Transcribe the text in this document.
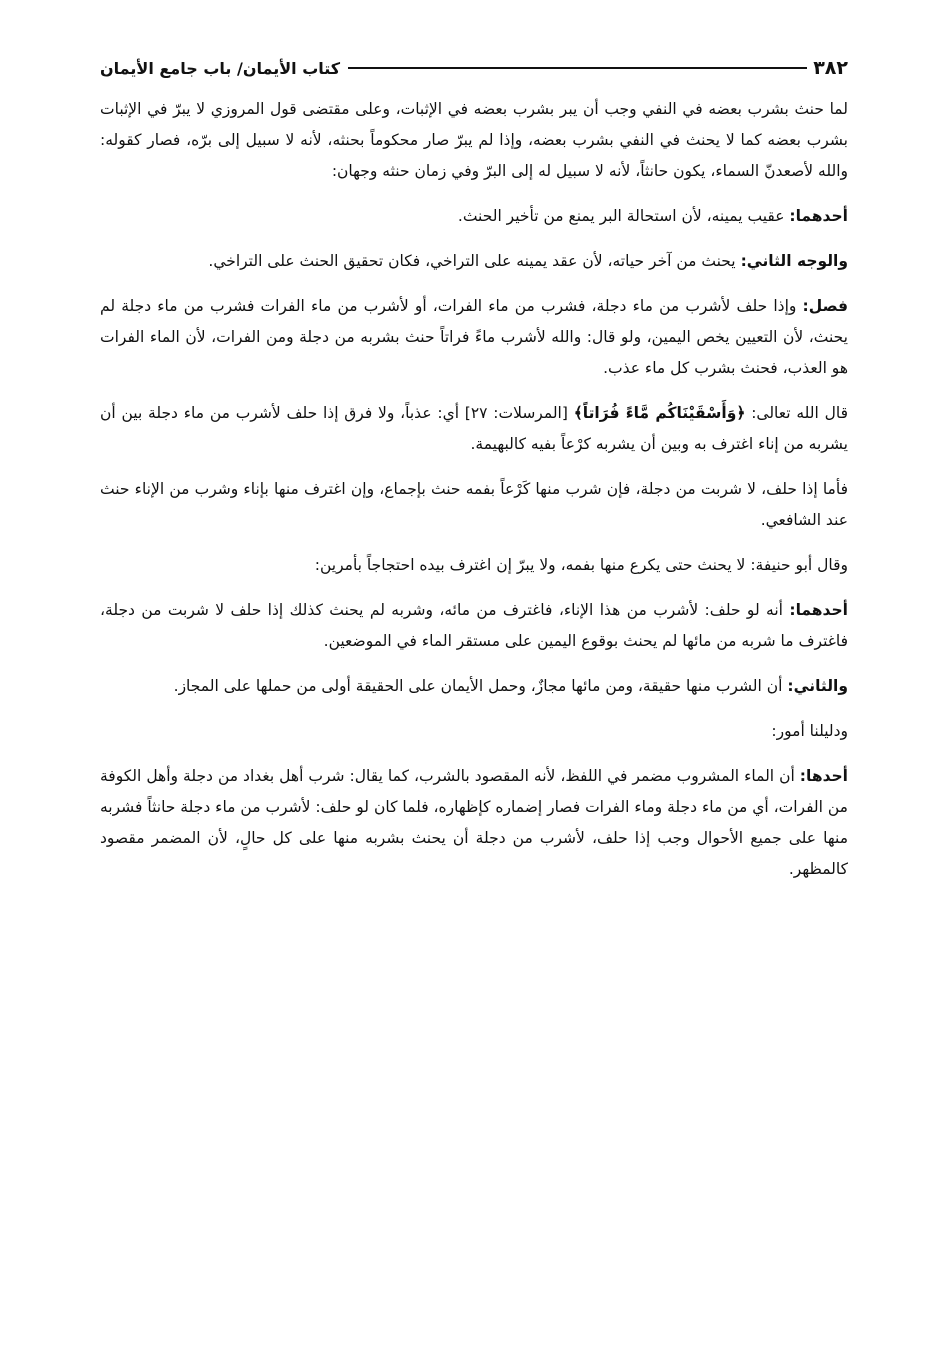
٣٨٢
كتاب الأيمان/ باب جامع الأيمان

لما حنث بشرب بعضه في النفي وجب أن يبر بشرب بعضه في الإثبات، وعلى مقتضى قول المروزي لا يبرّ في الإثبات بشرب بعضه كما لا يحنث في النفي بشرب بعضه، وإذا لم يبرّ صار محكوماً بحنثه، لأنه لا سبيل إلى برّه، فصار كقوله: والله لأصعدنّ السماء، يكون حانثاً، لأنه لا سبيل له إلى البرّ وفي زمان حنثه وجهان:

أحدهما: عقيب يمينه، لأن استحالة البر يمنع من تأخير الحنث.

والوجه الثاني: يحنث من آخر حياته، لأن عقد يمينه على التراخي، فكان تحقيق الحنث على التراخي.

فصل: وإذا حلف لأشرب من ماء دجلة، فشرب من ماء الفرات، أو لأشرب من ماء الفرات فشرب من ماء دجلة لم يحنث، لأن التعيين يخص اليمين، ولو قال: والله لأشرب ماءً فراتاً حنث بشربه من دجلة ومن الفرات، لأن الماء الفرات هو العذب، فحنث بشرب كل ماء عذب.

قال الله تعالى: ﴿وَأَسْقَيْنَاكُم مَّاءً فُرَاتاً﴾ [المرسلات: ٢٧] أي: عذباً، ولا فرق إذا حلف لأشرب من ماء دجلة بين أن يشربه من إناء اغترف به وبين أن يشربه كرْعاً بفيه كالبهيمة.

فأما إذا حلف، لا شربت من دجلة، فإن شرب منها كَرْعاً بفمه حنث بإجماع، وإن اغترف منها بإناء وشرب من الإناء حنث عند الشافعي.

وقال أبو حنيفة: لا يحنث حتى يكرع منها بفمه، ولا يبرّ إن اغترف بيده احتجاجاً بأمرين:

أحدهما: أنه لو حلف: لأشرب من هذا الإناء، فاغترف من مائه، وشربه لم يحنث كذلك إذا حلف لا شربت من دجلة، فاغترف ما شربه من مائها لم يحنث بوقوع اليمين على مستقر الماء في الموضعين.

والثاني: أن الشرب منها حقيقة، ومن مائها مجازٌ، وحمل الأيمان على الحقيقة أولى من حملها على المجاز.

ودليلنا أمور:

أحدها: أن الماء المشروب مضمر في اللفظ، لأنه المقصود بالشرب، كما يقال: شرب أهل بغداد من دجلة وأهل الكوفة من الفرات، أي من ماء دجلة وماء الفرات فصار إضماره كإظهاره، فلما كان لو حلف: لأشرب من ماء دجلة حانثاً فشربه منها على جميع الأحوال وجب إذا حلف، لأشرب من دجلة أن يحنث بشربه منها على كل حالٍ، لأن المضمر مقصود كالمظهر.
